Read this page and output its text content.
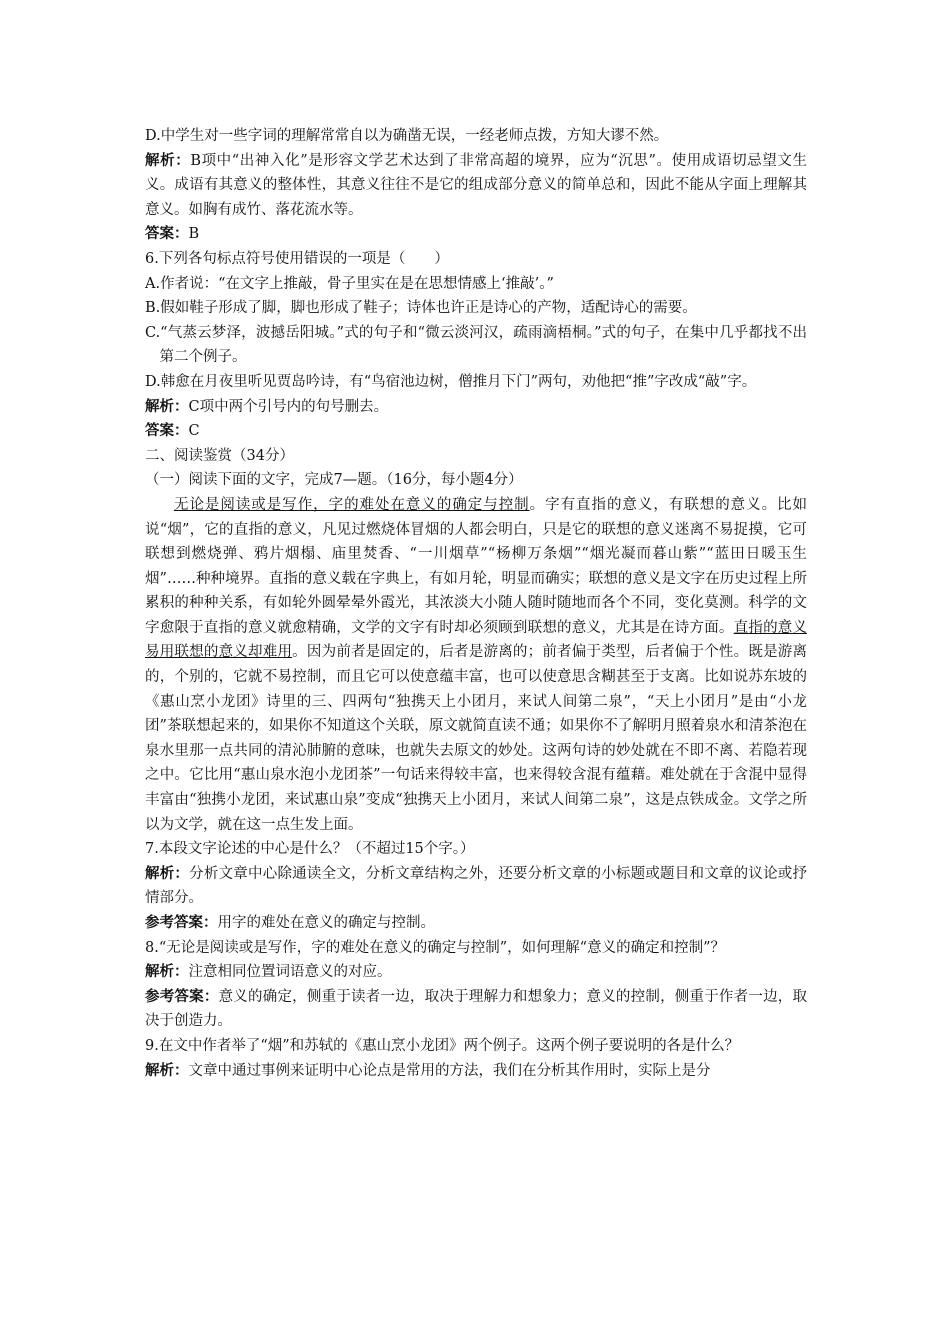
D.中学生对一些字词的理解常常自以为确凿无误，一经老师点拨，方知大谬不然。

解析：B项中“出神入化”是形容文学艺术达到了非常高超的境界，应为“沉思”。使用成语切忌望文生义。成语有其意义的整体性，其意义往往不是它的组成部分意义的简单总和，因此不能从字面上理解其意义。如胸有成竹、落花流水等。

答案：B

6.下列各句标点符号使用错误的一项是（　　）

A.作者说：“在文字上推敲，骨子里实在是在思想情感上‘推敲’。”

B.假如鞋子形成了脚，脚也形成了鞋子；诗体也许正是诗心的产物，适配诗心的需要。

C.“气蒸云梦泽，波撼岳阳城。”式的句子和“微云淡河汉，疏雨滴梧桐。”式的句子，在集中几乎都找不出第二个例子。

D.韩愈在月夜里听见贾岛吟诗，有“鸟宿池边树，僧推月下门”两句，劝他把“推”字改成“敲”字。

解析：C项中两个引号内的句号删去。

答案：C

二、阅读鉴赏（34分）

（一）阅读下面的文字，完成7—题。（16分，每小题4分）

无论是阅读或是写作，字的难处在意义的确定与控制。字有直指的意义，有联想的意义。比如说“烟”，它的直指的意义，凡见过燃烧体冒烟的人都会明白，只是它的联想的意义迷离不易捉摸，它可联想到燃烧弹、鸦片烟榻、庙里焚香、“一川烟草”“杨柳万条烟”“烟光凝而暮山紫”“蓝田日暖玉生烟”……种种境界。直指的意义载在字典上，有如月轮，明显而确实；联想的意义是文字在历史过程上所累积的种种关系，有如轮外圆晕晕外霞光，其浓淡大小随人随时随地而各个不同，变化莫测。科学的文字愈限于直指的意义就愈精确，文学的文字有时却必须顾到联想的意义，尤其是在诗方面。直指的意义易用联想的意义却难用。因为前者是固定的，后者是游离的；前者偏于类型，后者偏于个性。既是游离的，个别的，它就不易控制，而且它可以使意蕴丰富，也可以使意思含糊甚至于支离。比如说苏东坡的《惠山烹小龙团》诗里的三、四两句“独携天上小团月，来试人间第二泉”，“天上小团月”是由“小龙团”茶联想起来的，如果你不知道这个关联，原文就简直读不通；如果你不了解明月照着泉水和清茶泡在泉水里那一点共同的清沁肺腑的意味，也就失去原文的妙处。这两句诗的妙处就在不即不离、若隐若现之中。它比用“惠山泉水泡小龙团茶”一句话来得较丰富，也来得较含混有蕴藉。难处就在于含混中显得丰富由“独携小龙团，来试惠山泉”变成“独携天上小团月，来试人间第二泉”，这是点铁成金。文学之所以为文学，就在这一点生发上面。

7.本段文字论述的中心是什么？（不超过15个字。）

解析：分析文章中心除通读全文，分析文章结构之外，还要分析文章的小标题或题目和文章的议论或抒情部分。

参考答案：用字的难处在意义的确定与控制。

8.“无论是阅读或是写作，字的难处在意义的确定与控制”，如何理解“意义的确定和控制”？

解析：注意相同位置词语意义的对应。

参考答案：意义的确定，侧重于读者一边，取决于理解力和想象力；意义的控制，侧重于作者一边，取决于创造力。

9.在文中作者举了“烟”和苏轼的《惠山烹小龙团》两个例子。这两个例子要说明的各是什么？

解析：文章中通过事例来证明中心论点是常用的方法，我们在分析其作用时，实际上是分
